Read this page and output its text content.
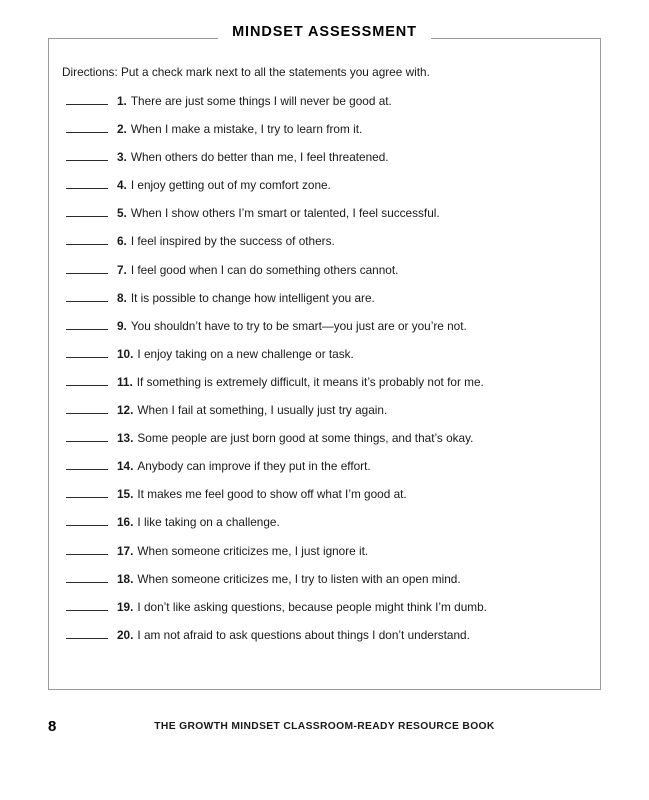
MINDSET ASSESSMENT
Directions: Put a check mark next to all the statements you agree with.
1. There are just some things I will never be good at.
2. When I make a mistake, I try to learn from it.
3. When others do better than me, I feel threatened.
4. I enjoy getting out of my comfort zone.
5. When I show others I’m smart or talented, I feel successful.
6. I feel inspired by the success of others.
7. I feel good when I can do something others cannot.
8. It is possible to change how intelligent you are.
9. You shouldn’t have to try to be smart—you just are or you’re not.
10. I enjoy taking on a new challenge or task.
11. If something is extremely difficult, it means it’s probably not for me.
12. When I fail at something, I usually just try again.
13. Some people are just born good at some things, and that’s okay.
14. Anybody can improve if they put in the effort.
15. It makes me feel good to show off what I’m good at.
16. I like taking on a challenge.
17. When someone criticizes me, I just ignore it.
18. When someone criticizes me, I try to listen with an open mind.
19. I don’t like asking questions, because people might think I’m dumb.
20. I am not afraid to ask questions about things I don’t understand.
8	THE GROWTH MINDSET CLASSROOM-READY RESOURCE BOOK
